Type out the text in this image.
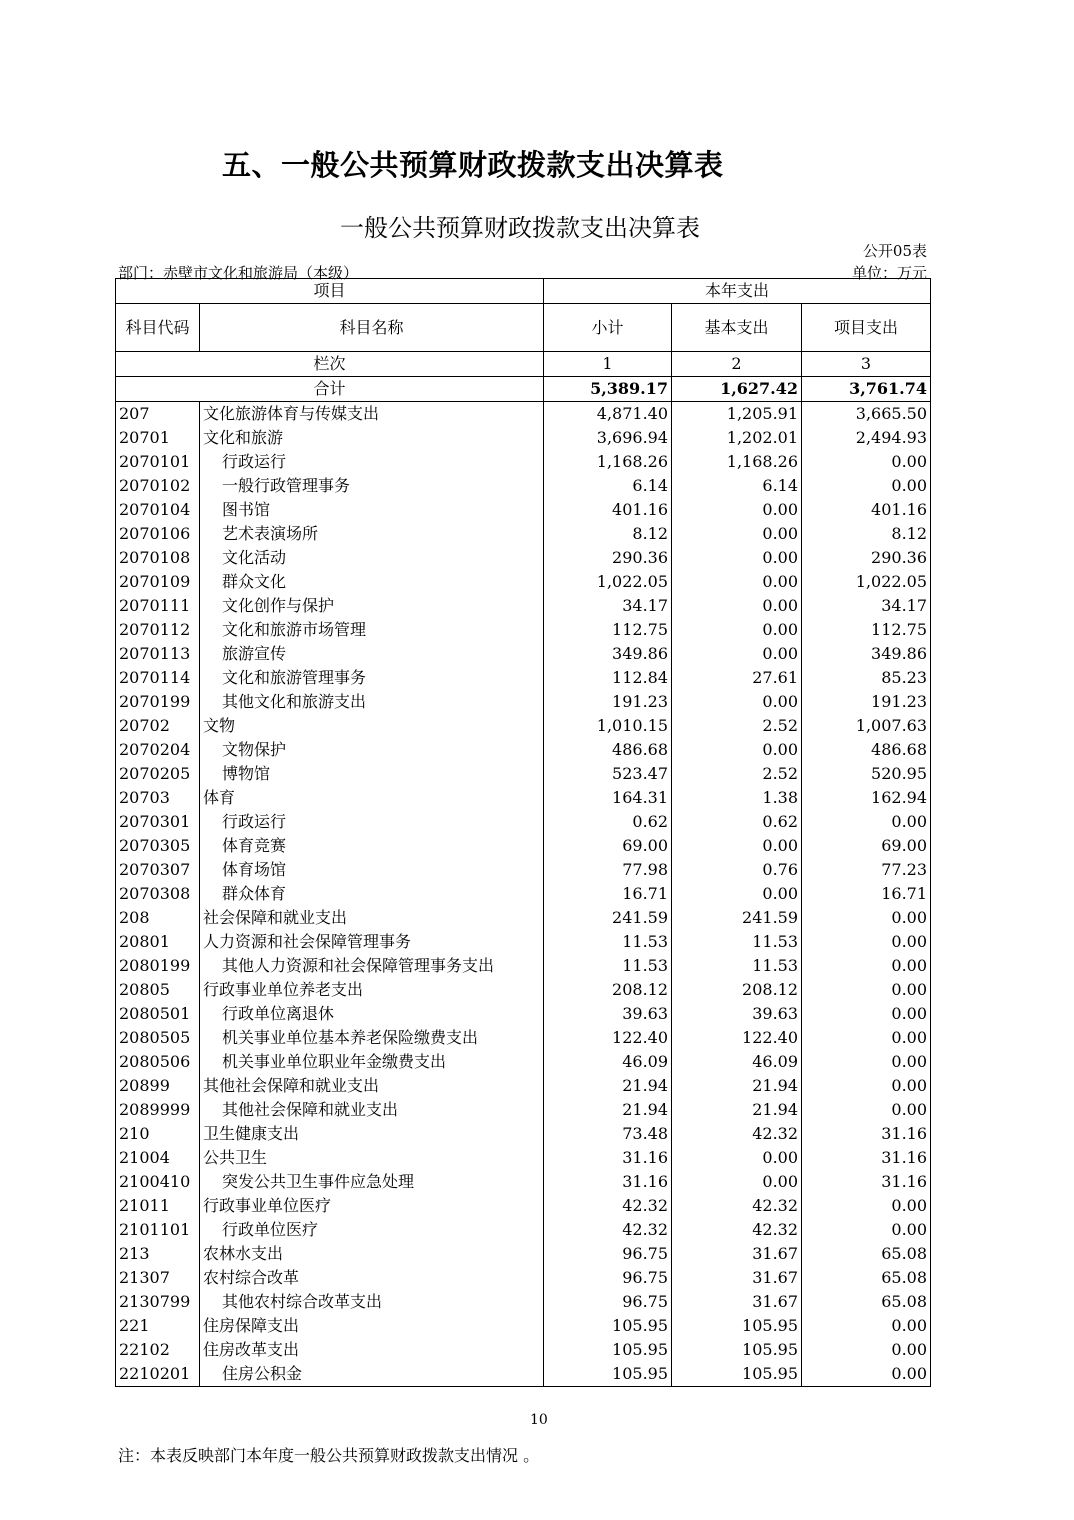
五、一般公共预算财政拨款支出决算表
一般公共预算财政拨款支出决算表
公开05表
部门：赤壁市文化和旅游局（本级）	单位：万元
项目		本年支出		
科目代码	科目名称	小计	基本支出	项目支出
栏次		1	2	3
合计		5,389.17	1,627.42	3,761.74
207	文化旅游体育与传媒支出	4,871.40	1,205.91	3,665.50
20701	文化和旅游	3,696.94	1,202.01	2,494.93
2070101	行政运行	1,168.26	1,168.26	0.00
2070102	一般行政管理事务	6.14	6.14	0.00
2070104	图书馆	401.16	0.00	401.16
2070106	艺术表演场所	8.12	0.00	8.12
2070108	文化活动	290.36	0.00	290.36
2070109	群众文化	1,022.05	0.00	1,022.05
2070111	文化创作与保护	34.17	0.00	34.17
2070112	文化和旅游市场管理	112.75	0.00	112.75
2070113	旅游宣传	349.86	0.00	349.86
2070114	文化和旅游管理事务	112.84	27.61	85.23
2070199	其他文化和旅游支出	191.23	0.00	191.23
20702	文物	1,010.15	2.52	1,007.63
2070204	文物保护	486.68	0.00	486.68
2070205	博物馆	523.47	2.52	520.95
20703	体育	164.31	1.38	162.94
2070301	行政运行	0.62	0.62	0.00
2070305	体育竞赛	69.00	0.00	69.00
2070307	体育场馆	77.98	0.76	77.23
2070308	群众体育	16.71	0.00	16.71
208	社会保障和就业支出	241.59	241.59	0.00
20801	人力资源和社会保障管理事务	11.53	11.53	0.00
2080199	其他人力资源和社会保障管理事务支出	11.53	11.53	0.00
20805	行政事业单位养老支出	208.12	208.12	0.00
2080501	行政单位离退休	39.63	39.63	0.00
2080505	机关事业单位基本养老保险缴费支出	122.40	122.40	0.00
2080506	机关事业单位职业年金缴费支出	46.09	46.09	0.00
20899	其他社会保障和就业支出	21.94	21.94	0.00
2089999	其他社会保障和就业支出	21.94	21.94	0.00
210	卫生健康支出	73.48	42.32	31.16
21004	公共卫生	31.16	0.00	31.16
2100410	突发公共卫生事件应急处理	31.16	0.00	31.16
21011	行政事业单位医疗	42.32	42.32	0.00
2101101	行政单位医疗	42.32	42.32	0.00
213	农林水支出	96.75	31.67	65.08
21307	农村综合改革	96.75	31.67	65.08
2130799	其他农村综合改革支出	96.75	31.67	65.08
221	住房保障支出	105.95	105.95	0.00
22102	住房改革支出	105.95	105.95	0.00
2210201	住房公积金	105.95	105.95	0.00
10
注：本表反映部门本年度一般公共预算财政拨款支出情况 。
